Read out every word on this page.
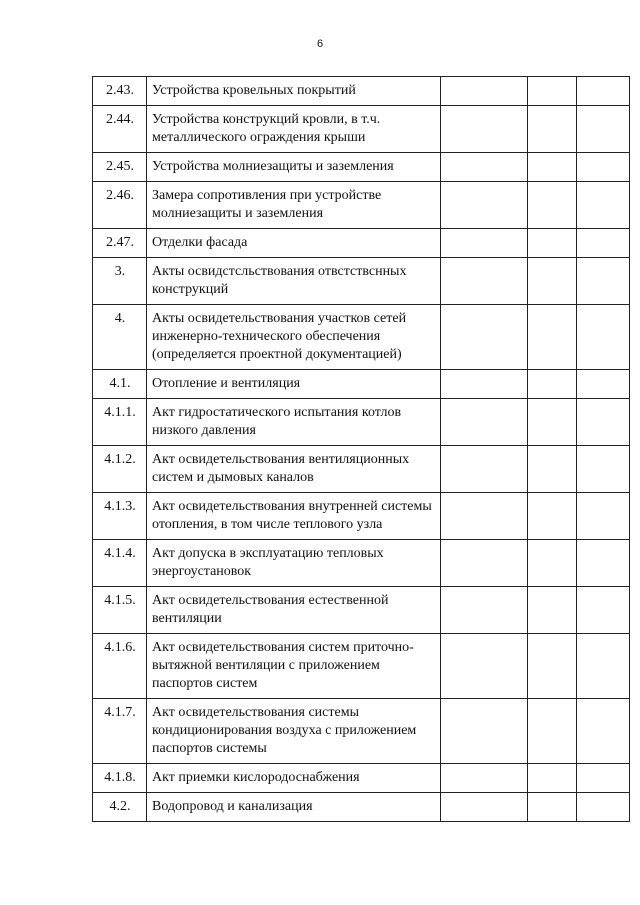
6
2.43.	Устройства кровельных покрытий			
2.44.	Устройства конструкций кровли, в т.ч. металлического ограждения крыши			
2.45.	Устройства молниезащиты и заземления			
2.46.	Замера сопротивления при устройстве молниезащиты и заземления			
2.47.	Отделки фасада			
3.	Акты освидстсльствования отвстствснных конструкций			
4.	Акты освидетельствования участков сетей инженерно-технического обеспечения (определяется проектной документацией)			
4.1.	Отопление и вентиляция			
4.1.1.	Акт гидростатического испытания котлов низкого давления			
4.1.2.	Акт освидетельствования вентиляционных систем и дымовых каналов			
4.1.3.	Акт освидетельствования внутренней системы отопления, в том числе теплового узла			
4.1.4.	Акт допуска в эксплуатацию тепловых энергоустановок			
4.1.5.	Акт освидетельствования естественной вентиляции			
4.1.6.	Акт освидетельствования систем приточно-вытяжной вентиляции с приложением паспортов систем			
4.1.7.	Акт освидетельствования системы кондиционирования воздуха с приложением паспортов системы			
4.1.8.	Акт приемки кислородоснабжения			
4.2.	Водопровод и канализация			
